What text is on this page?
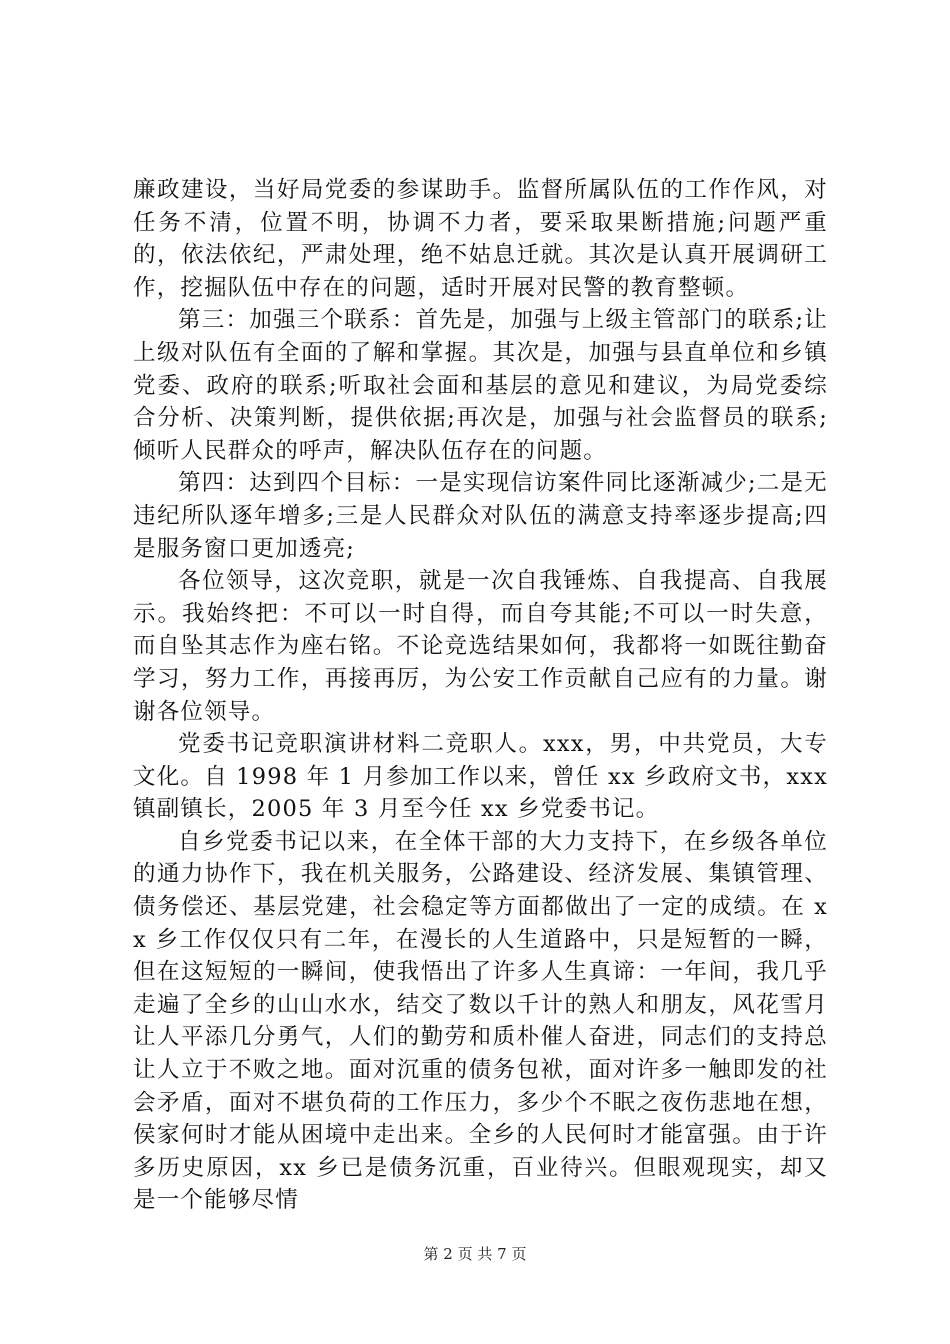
廉政建设，当好局党委的参谋助手。监督所属队伍的工作作风，对任务不清，位置不明，协调不力者，要采取果断措施;问题严重的，依法依纪，严肃处理，绝不姑息迁就。其次是认真开展调研工作，挖掘队伍中存在的问题，适时开展对民警的教育整顿。

第三：加强三个联系：首先是，加强与上级主管部门的联系;让上级对队伍有全面的了解和掌握。其次是，加强与县直单位和乡镇党委、政府的联系;听取社会面和基层的意见和建议，为局党委综合分析、决策判断，提供依据;再次是，加强与社会监督员的联系;倾听人民群众的呼声，解决队伍存在的问题。

第四：达到四个目标：一是实现信访案件同比逐渐减少;二是无违纪所队逐年增多;三是人民群众对队伍的满意支持率逐步提高;四是服务窗口更加透亮;

各位领导，这次竞职，就是一次自我锤炼、自我提高、自我展示。我始终把：不可以一时自得，而自夸其能;不可以一时失意，而自坠其志作为座右铭。不论竞选结果如何，我都将一如既往勤奋学习，努力工作，再接再厉，为公安工作贡献自己应有的力量。谢谢各位领导。

党委书记竞职演讲材料二竞职人。xxx，男，中共党员，大专文化。自 1998 年 1 月参加工作以来，曾任 xx 乡政府文书，xxx 镇副镇长，2005 年 3 月至今任 xx 乡党委书记。

自乡党委书记以来，在全体干部的大力支持下，在乡级各单位的通力协作下，我在机关服务，公路建设、经济发展、集镇管理、债务偿还、基层党建，社会稳定等方面都做出了一定的成绩。在 xx 乡工作仅仅只有二年，在漫长的人生道路中，只是短暂的一瞬，但在这短短的一瞬间，使我悟出了许多人生真谛：一年间，我几乎走遍了全乡的山山水水，结交了数以千计的熟人和朋友，风花雪月让人平添几分勇气，人们的勤劳和质朴催人奋进，同志们的支持总让人立于不败之地。面对沉重的债务包袱，面对许多一触即发的社会矛盾，面对不堪负荷的工作压力，多少个不眠之夜伤悲地在想，侯家何时才能从困境中走出来。全乡的人民何时才能富强。由于许多历史原因，xx 乡已是债务沉重，百业待兴。但眼观现实，却又是一个能够尽情

第 2 页 共 7 页
